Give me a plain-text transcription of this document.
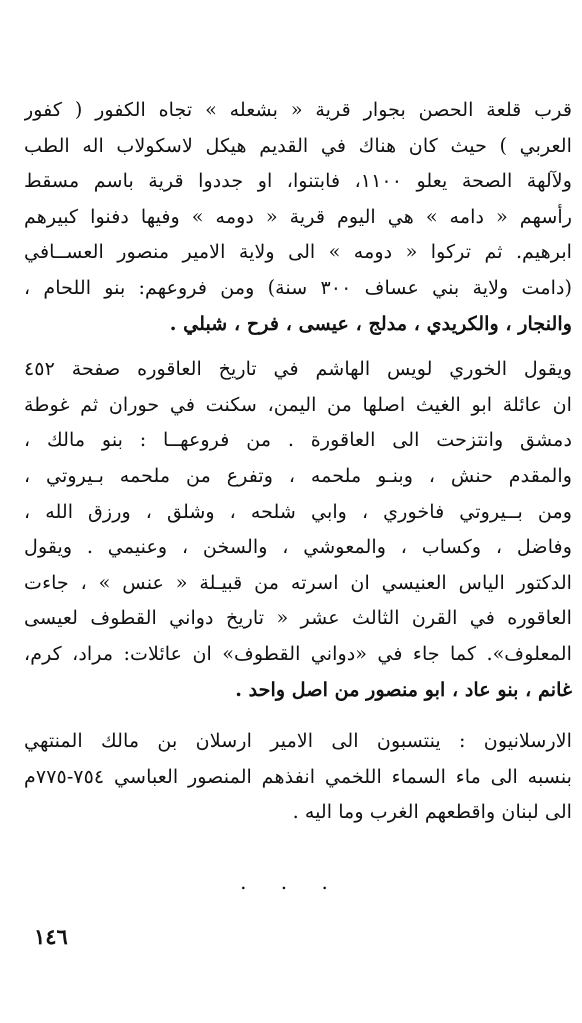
قرب قلعة الحصن بجوار قرية « بشعله » تجاه الكفور ( كفور
العربي ) حيث كان هناك في القديم هيكل لاسكولاب اله الطب
ولآلهة الصحة يعلو ١١٠٠، فابتنوا، او جددوا قرية باسم مسقط
رأسهم « دامه » هي اليوم قرية « دومه » وفيها دفنوا كبيرهم
ابرهيم. ثم تركوا « دومه » الى ولاية الامير منصور العســافي
(دامت ولاية بني عساف ٣٠٠ سنة) ومن فروعهم: بنو اللحام ،
والنجار ، والكريدي ، مدلج ، عيسى ، فرح ، شبلي .
ويقول الخوري لويس الهاشم في تاريخ العاقوره صفحة ٤٥٢
ان عائلة ابو الغيث اصلها من اليمن، سكنت في حوران ثم غوطة
دمشق وانتزحت الى العاقورة . من فروعهــا : بنو مالك ،
والمقدم حنش ، وبنـو ملحمه ، وتفرع من ملحمه بـيروتي ،
ومن بــيروتي فاخوري ، وابي شلحه ، وشلق ، ورزق الله ،
وفاضل ، وكساب ، والمعوشي ، والسخن ، وعنيمي . ويقول
الدكتور الياس العنيسي ان اسرته من قبيـلة « عنس » ، جاءت
العاقوره في القرن الثالث عشر « تاريخ دواني القطوف لعيسى
المعلوف». كما جاء في «دواني القطوف» ان عائلات: مراد، كرم،
غانم ، بنو عاد ، ابو منصور من اصل واحد .
الارسلانيون : ينتسبون الى الامير ارسلان بن مالك المنتهي
بنسبه الى ماء السماء اللخمي انفذهم المنصور العباسي ٧٥٤-٧٧٥م
الى لبنان واقطعهم الغرب وما اليه .
. . .
١٤٦
